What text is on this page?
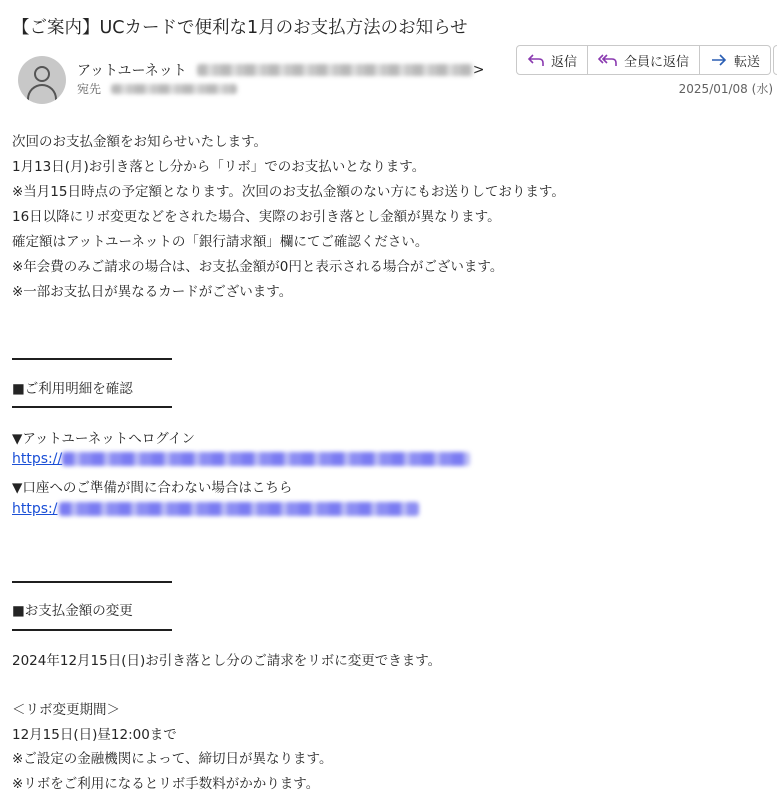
【ご案内】UCカードで便利な1月のお支払方法のお知らせ
アットユーネット	>
宛先
返信	全員に返信	転送
2025/01/08 (水)
次回のお支払金額をお知らせいたします。
1月13日(月)お引き落とし分から「リボ」でのお支払いとなります。
※当月15日時点の予定額となります。次回のお支払金額のない方にもお送りしております。
16日以降にリボ変更などをされた場合、実際のお引き落とし金額が異なります。
確定額はアットユーネットの「銀行請求額」欄にてご確認ください。
※年会費のみご請求の場合は、お支払金額が0円と表示される場合がございます。
※一部お支払日が異なるカードがございます。
■ご利用明細を確認
▼アットユーネットへログイン
https://
▼口座へのご準備が間に合わない場合はこちら
https:/
■お支払金額の変更
2024年12月15日(日)お引き落とし分のご請求をリボに変更できます。
＜リボ変更期間＞
12月15日(日)昼12:00まで
※ご設定の金融機関によって、締切日が異なります。
※リボをご利用になるとリボ手数料がかかります。
